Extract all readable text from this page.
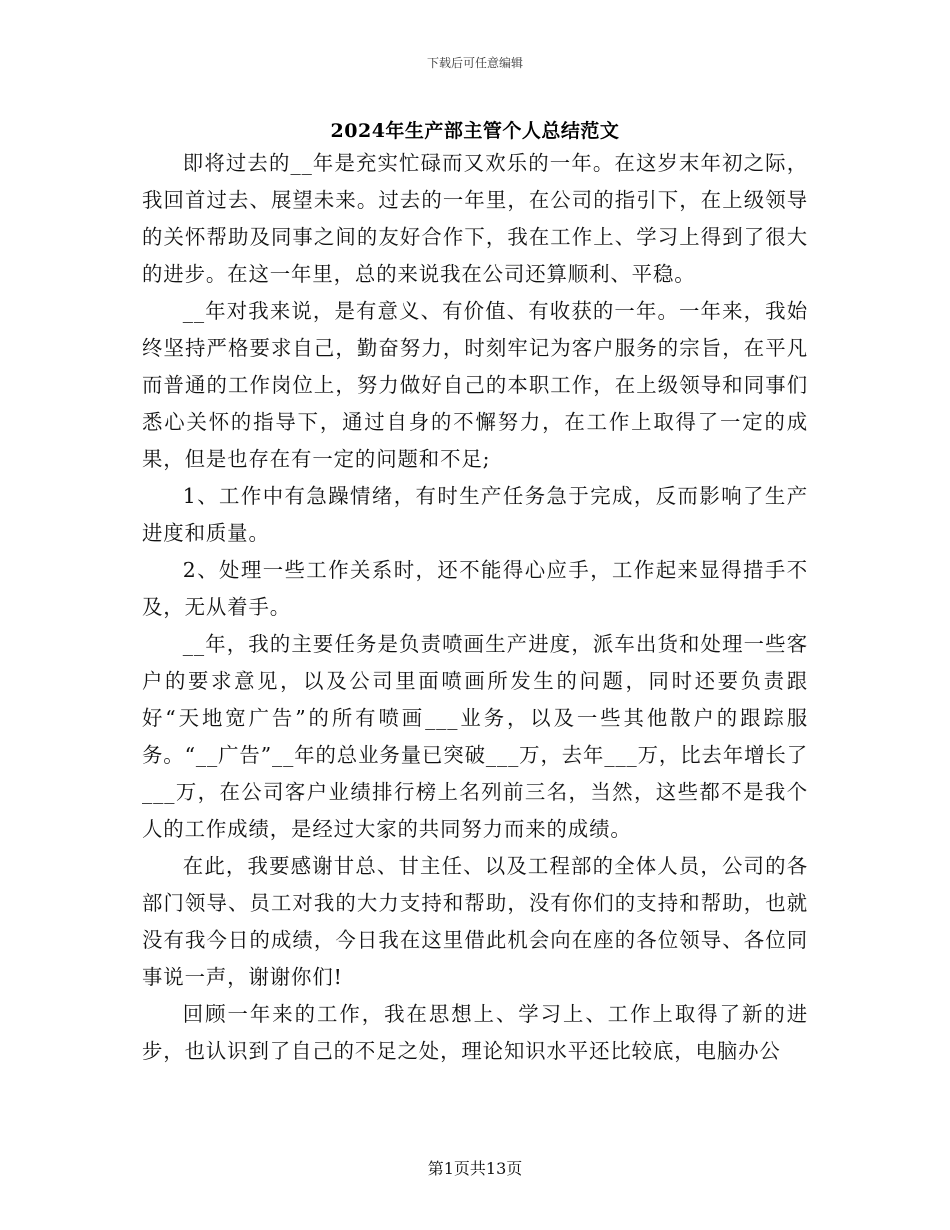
下载后可任意编辑
2024年生产部主管个人总结范文

即将过去的__年是充实忙碌而又欢乐的一年。在这岁末年初之际，我回首过去、展望未来。过去的一年里，在公司的指引下，在上级领导的关怀帮助及同事之间的友好合作下，我在工作上、学习上得到了很大的进步。在这一年里，总的来说我在公司还算顺利、平稳。

__年对我来说，是有意义、有价值、有收获的一年。一年来，我始终坚持严格要求自己，勤奋努力，时刻牢记为客户服务的宗旨，在平凡而普通的工作岗位上，努力做好自己的本职工作，在上级领导和同事们悉心关怀的指导下，通过自身的不懈努力，在工作上取得了一定的成果，但是也存在有一定的问题和不足;

1、工作中有急躁情绪，有时生产任务急于完成，反而影响了生产进度和质量。

2、处理一些工作关系时，还不能得心应手，工作起来显得措手不及，无从着手。

__年，我的主要任务是负责喷画生产进度，派车出货和处理一些客户的要求意见，以及公司里面喷画所发生的问题，同时还要负责跟好“天地宽广告”的所有喷画___业务，以及一些其他散户的跟踪服务。“__广告”__年的总业务量已突破___万，去年___万，比去年增长了___万，在公司客户业绩排行榜上名列前三名，当然，这些都不是我个人的工作成绩，是经过大家的共同努力而来的成绩。

在此，我要感谢甘总、甘主任、以及工程部的全体人员，公司的各部门领导、员工对我的大力支持和帮助，没有你们的支持和帮助，也就没有我今日的成绩，今日我在这里借此机会向在座的各位领导、各位同事说一声，谢谢你们!

回顾一年来的工作，我在思想上、学习上、工作上取得了新的进步，也认识到了自己的不足之处，理论知识水平还比较底，电脑办公

第1页共13页
